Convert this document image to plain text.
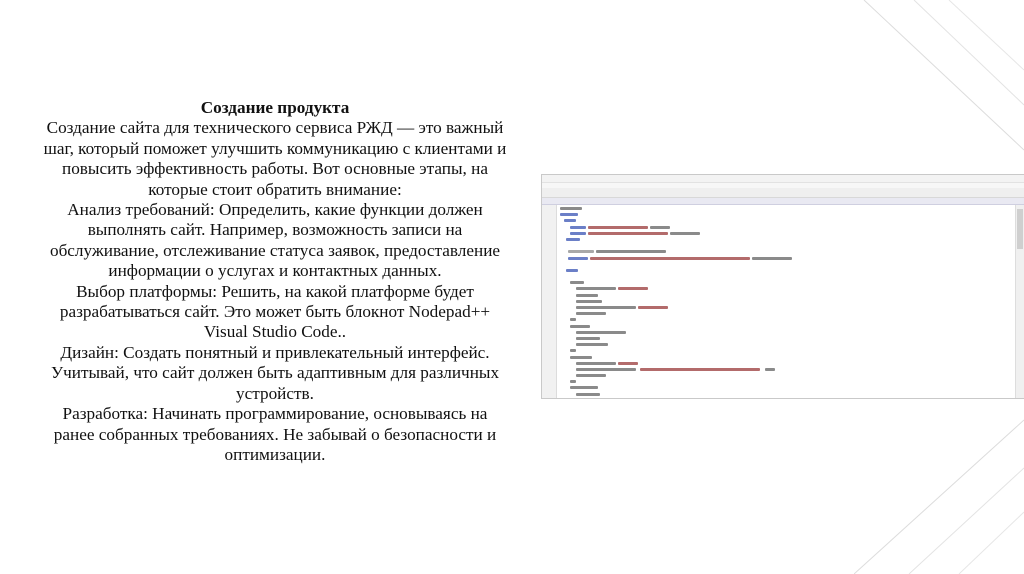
Создание продукта
Создание сайта для технического сервиса РЖД — это важный
шаг, который поможет улучшить коммуникацию с клиентами и
повысить эффективность работы. Вот основные этапы, на
которые стоит обратить внимание:
Анализ требований: Определить, какие функции должен
выполнять сайт. Например, возможность записи на
обслуживание, отслеживание статуса заявок, предоставление
информации о услугах и контактных данных.
Выбор платформы: Решить, на какой платформе будет
разрабатываться сайт. Это может быть блокнот Nodepad++
Visual Studio Code..
Дизайн: Создать понятный и привлекательный интерфейс.
Учитывай, что сайт должен быть адаптивным для различных
устройств.
Разработка: Начинать программирование, основываясь на
ранее собранных требованиях. Не забывай о безопасности и
оптимизации.
